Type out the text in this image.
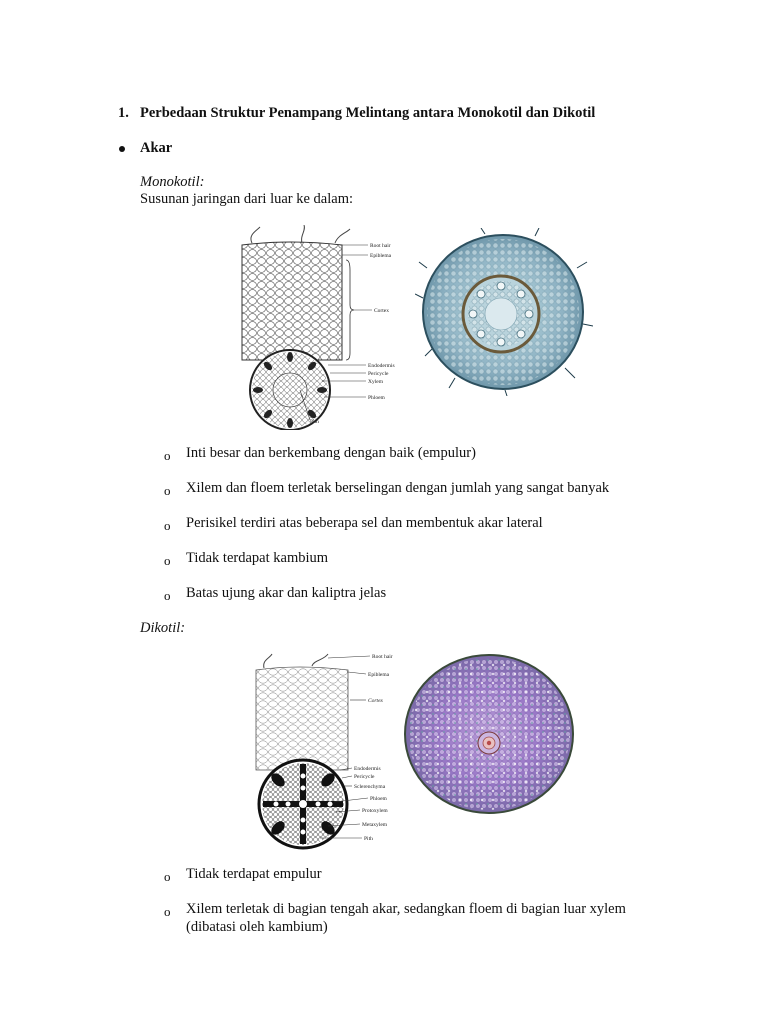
1. Perbedaan Struktur Penampang Melintang antara Monokotil dan Dikotil
Akar
Monokotil:
Susunan jaringan dari luar ke dalam:
Root hair
Epiblema
Cortex
Endodermis
Pericycle
Xylem
Phloem
Pith
o Inti besar dan berkembang dengan baik (empulur)
o Xilem dan floem terletak berselingan dengan jumlah yang sangat banyak
o Perisikel terdiri atas beberapa sel dan membentuk akar lateral
o Tidak terdapat kambium
o Batas ujung akar dan kaliptra jelas
Dikotil:
Root hair
Epiblema
Cortex
Endodermis
Pericycle
Sclerenchyma
Phloem
Protoxylem
Metaxylem
Pith
o Tidak terdapat empulur
o Xilem terletak di bagian tengah akar, sedangkan floem di bagian luar xylem
(dibatasi oleh kambium)
